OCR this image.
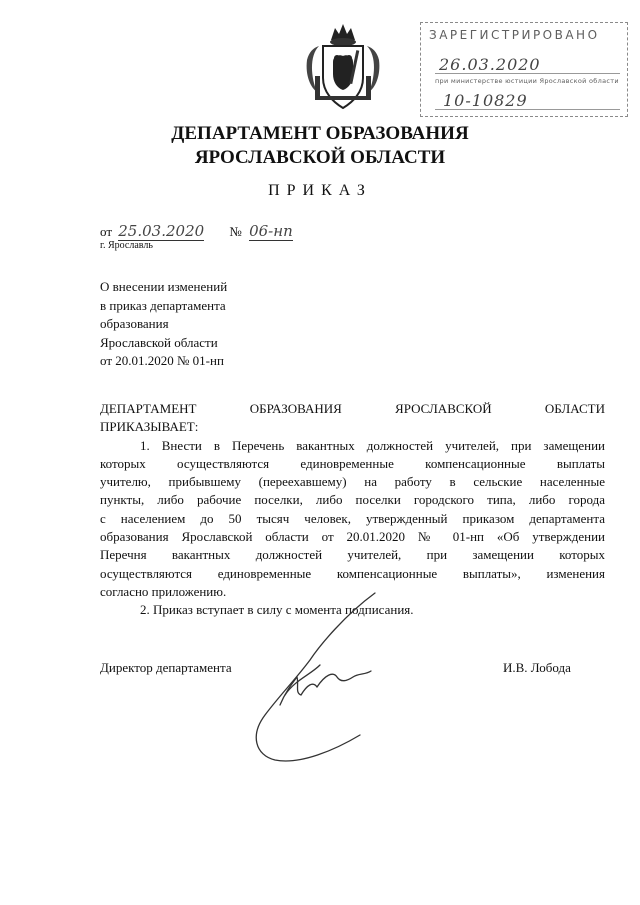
ЗАРЕГИСТРИРОВАНО
26.03.2020
при министерстве юстиции Ярославской области
10-10829
ДЕПАРТАМЕНТ ОБРАЗОВАНИЯ
ЯРОСЛАВСКОЙ ОБЛАСТИ
ПРИКАЗ
от 25.03.2020 № 06-нп
г. Ярославль
О внесении изменений
в приказ департамента
образования
Ярославской области
от 20.01.2020 № 01-нп
ДЕПАРТАМЕНТ ОБРАЗОВАНИЯ ЯРОСЛАВСКОЙ ОБЛАСТИ
ПРИКАЗЫВАЕТ:
1. Внести в Перечень вакантных должностей учителей, при замещении
которых осуществляются единовременные компенсационные выплаты
учителю, прибывшему (переехавшему) на работу в сельские населенные
пункты, либо рабочие поселки, либо поселки городского типа, либо города
с населением до 50 тысяч человек, утвержденный приказом департамента
образования Ярославской области от 20.01.2020 № 01-нп «Об утверждении
Перечня вакантных должностей учителей, при замещении которых
осуществляются единовременные компенсационные выплаты», изменения
согласно приложению.
2. Приказ вступает в силу с момента подписания.
Директор департамента	И.В. Лобода
